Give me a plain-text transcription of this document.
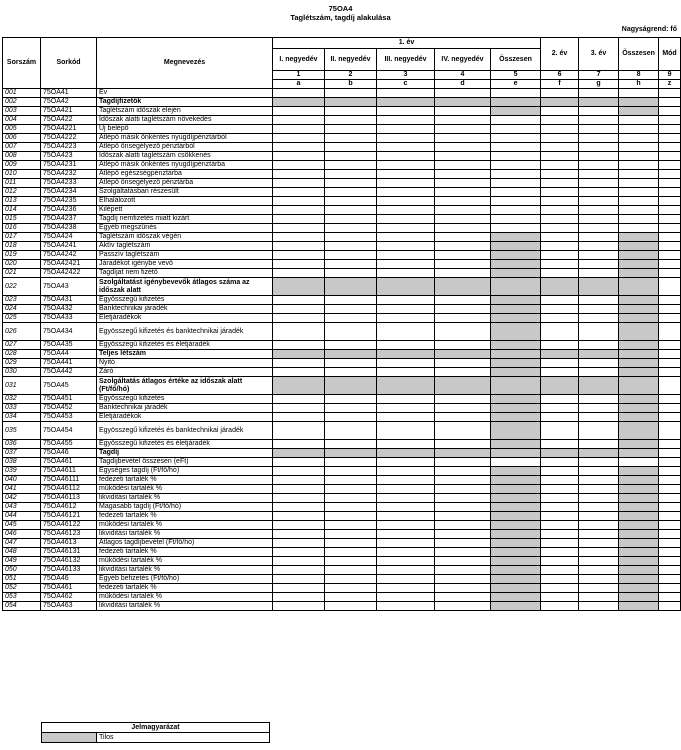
75OA4
Taglétszám, tagdíj alakulása
Nagyságrend: fő
Sorszám	Sorkód	Megnevezés	1. év					2. év	3. év	Összesen	Mód
			I. negyedév	II. negyedév	III. negyedév	IV. negyedév	Összesen				
			1	2	3	4	5	6	7	8	9
			a	b	c	d	e	f	g	h	z
001	75OA41	Év									
002	75OA42	Tagdíjfizetők									
003	75OA421	Taglétszám időszak elején									
004	75OA422	Időszak alatti taglétszám növekedés									
005	75OA4221	Új belépő									
006	75OA4222	Átlépő másik önkéntes nyugdíjpénztárból									
007	75OA4223	Átlépő önsegélyező pénztárból									
008	75OA423	Időszak alatti taglétszám csökkenés									
009	75OA4231	Átlépő másik önkéntes nyugdíjpénztárba									
010	75OA4232	Átlépő egészségpénztárba									
011	75OA4233	Átlépő önsegélyező pénztárba									
012	75OA4234	Szolgáltatásban részesült									
013	75OA4235	Elhalálozott									
014	75OA4236	Kilépett									
015	75OA4237	Tagdíj nemfizetés miatt kizárt									
016	75OA4238	Egyéb megszűnés									
017	75OA424	Taglétszám időszak végén									
018	75OA4241	Aktív taglétszám									
019	75OA4242	Passzív taglétszám									
020	75OA42421	Járadékot igénybe vevő									
021	75OA42422	Tagdíjat nem fizető									
022	75OA43	Szolgáltatást igénybevevők átlagos száma az időszak alatt									
023	75OA431	Egyösszegű kifizetés									
024	75OA432	Banktechnikai járadék									
025	75OA433	Életjáradékok									
026	75OA434	Egyösszegű kifizetés és banktechnikai járadék									
027	75OA435	Egyösszegű kifizetés és életjáradék									
028	75OA44	Teljes létszám									
029	75OA441	Nyitó									
030	75OA442	Záró									
031	75OA45	Szolgáltatás átlagos értéke az időszak alatt (Ft/fő/hó)									
032	75OA451	Egyösszegű kifizetés									
033	75OA452	Banktechnikai járadék									
034	75OA453	Életjáradékok									
035	75OA454	Egyösszegű kifizetés és banktechnikai járadék									
036	75OA455	Egyösszegű kifizetés és életjáradék									
037	75OA46	Tagdíj									
038	75OA461	Tagdíjbevétel összesen (eFt)									
039	75OA4611	Egységes tagdíj (Ft/fő/hó)									
040	75OA46111	fedezeti tartalék %									
041	75OA46112	működési tartalék %									
042	75OA46113	likviditási tartalék %									
043	75OA4612	Magasabb tagdíj (Ft/fő/hó)									
044	75OA46121	fedezeti tartalék %									
045	75OA46122	működési tartalék %									
046	75OA46123	likviditási tartalék %									
047	75OA4613	Átlagos tagdíjbevétel (Ft/fő/hó)									
048	75OA46131	fedezeti tartalék %									
049	75OA46132	működési tartalék %									
050	75OA46133	likviditási tartalék %									
051	75OA46	Egyéb befizetés (Ft/fő/hó)									
052	75OA461	fedezeti tartalék %									
053	75OA462	működési tartalék %									
054	75OA463	likviditási tartalék %									
Jelmagyarázat
	Tilos
